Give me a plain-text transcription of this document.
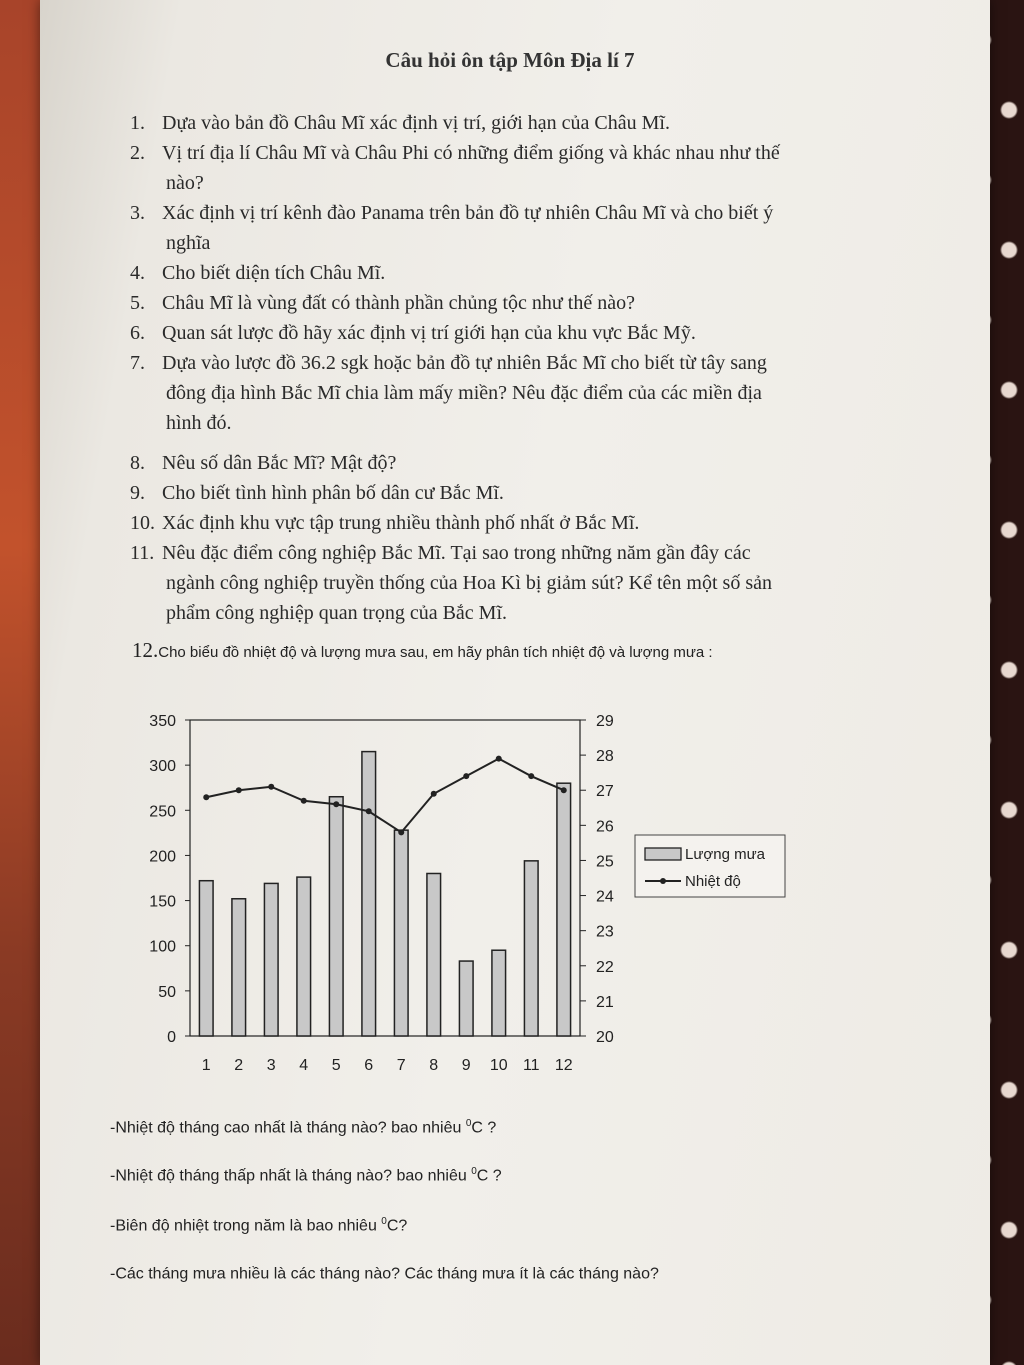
Câu hỏi ôn tập Môn Địa lí 7
1. Dựa vào bản đồ Châu Mĩ xác định vị trí, giới hạn của Châu Mĩ.
2. Vị trí địa lí Châu Mĩ và Châu Phi có những điểm giống và khác nhau như thế
nào?
3. Xác định vị trí kênh đào Panama trên bản đồ tự nhiên Châu Mĩ và cho biết ý
nghĩa
4. Cho biết diện tích Châu Mĩ.
5. Châu Mĩ là vùng đất có thành phần chủng tộc như thế nào?
6. Quan sát lược đồ hãy xác định vị trí giới hạn của khu vực Bắc Mỹ.
7. Dựa vào lược đồ 36.2 sgk hoặc bản đồ tự nhiên Bắc Mĩ cho biết từ tây sang
đông địa hình Bắc Mĩ chia làm mấy miền? Nêu đặc điểm của các miền địa
hình đó.
8. Nêu số dân Bắc Mĩ? Mật độ?
9. Cho biết tình hình phân bố dân cư Bắc Mĩ.
10. Xác định khu vực tập trung nhiều thành phố nhất ở Bắc Mĩ.
11. Nêu đặc điểm công nghiệp Bắc Mĩ. Tại sao trong những năm gần đây các
ngành công nghiệp truyền thống của Hoa Kì bị giảm sút? Kể tên một số sản
phẩm công nghiệp quan trọng của Bắc Mĩ.
12.Cho biểu đồ nhiệt độ và lượng mưa sau, em hãy phân tích nhiệt độ và lượng mưa :
0
50
100
150
200
250
300
350
20
21
22
23
24
25
26
27
28
29
1 2 3 4 5 6 7 8 9 10 11 12
Lượng mưa
Nhiệt độ
-Nhiệt độ tháng cao nhất là tháng nào? bao nhiêu $^0$C ?
-Nhiệt độ tháng thấp nhất là tháng nào? bao nhiêu $^0$C ?
-Biên độ nhiệt trong năm là bao nhiêu $^0$C?
-Các tháng mưa nhiều là các tháng nào? Các tháng mưa ít là các tháng nào?
